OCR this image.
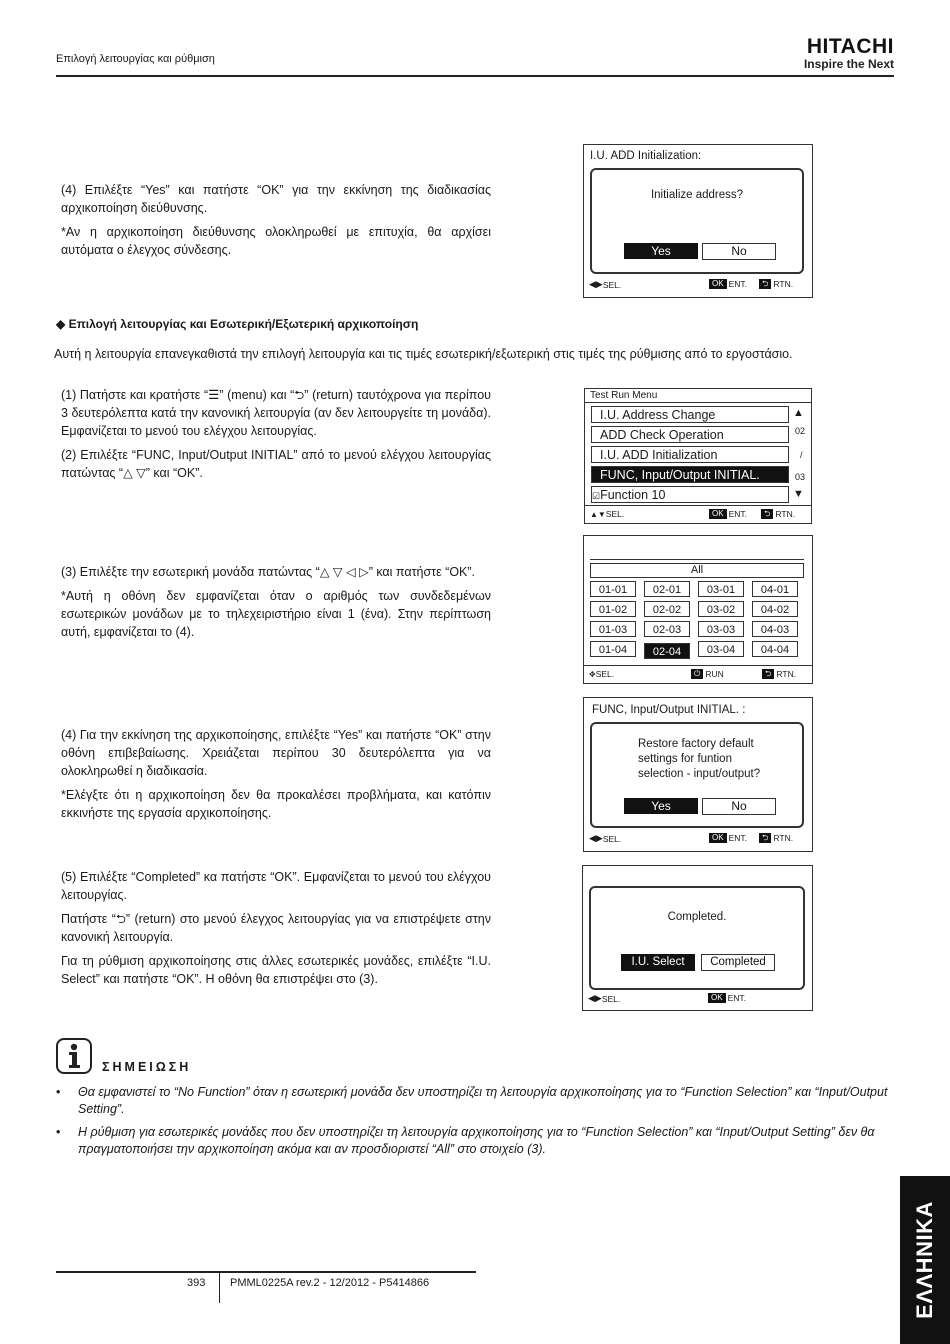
Επιλογή λειτουργίας και ρύθμιση
HITACHI
Inspire the Next

(4) Επιλέξτε “Yes” και πατήστε “OK” για την εκκίνηση της διαδικασίας αρχικοποίηση διεύθυνσης.

*Αν η αρχικοποίηση διεύθυνσης ολοκληρωθεί με επιτυχία, θα αρχίσει αυτόματα ο έλεγχος σύνδεσης.

I.U. ADD Initialization:
Initialize address?
Yes	No
◀▶ SEL.	OK ENT.	⮌ RTN.
◆ Επιλογή λειτουργίας και Εσωτερική/Εξωτερική αρχικοποίηση

Αυτή η λειτουργία επανεγκαθιστά την επιλογή λειτουργία και τις τιμές εσωτερική/εξωτερική στις τιμές της ρύθμισης από το εργοστάσιο.

(1) Πατήστε και κρατήστε “☰” (menu) και “⮌” (return) ταυτόχρονα για περίπου 3 δευτερόλεπτα κατά την κανονική λειτουργία (αν δεν λειτουργείτε τη μονάδα). Εμφανίζεται το μενού του ελέγχου λειτουργίας.

(2) Επιλέξτε “FUNC, Input/Output INITIAL” από το μενού ελέγχου λειτουργίας πατώντας “△ ▽” και “OK”.

Test Run Menu
I.U. Address Change
ADD Check Operation
I.U. ADD Initialization
FUNC, Input/Output INITIAL.
☑Function 10
▲
02
/
03
▼
▲▼ SEL.	OK ENT.	⮌ RTN.

(3) Επιλέξτε την εσωτερική μονάδα πατώντας “△ ▽ ◁ ▷” και πατήστε “OK”.

*Αυτή η οθόνη δεν εμφανίζεται όταν ο αριθμός των συνδεδεμένων εσωτερικών μονάδων με το τηλεχειριστήριο είναι 1 (ένα). Στην περίπτωση αυτή, εμφανίζεται το (4).

All
01-01	02-01	03-01	04-01
01-02	02-02	03-02	04-02
01-03	02-03	03-03	04-03
01-04	02-04	03-04	04-04
✥ SEL.	⏻ RUN	⮌ RTN.

(4) Για την εκκίνηση της αρχικοποίησης, επιλέξτε “Yes” και πατήστε “OK” στην οθόνη επιβεβαίωσης. Χρειάζεται περίπου 30 δευτερόλεπτα για να ολοκληρωθεί η διαδικασία.

*Ελέγξτε ότι η αρχικοποίηση δεν θα προκαλέσει προβλήματα, και κατόπιν εκκινήστε της εργασία αρχικοποίησης.

FUNC, Input/Output INITIAL. :
Restore factory default
settings for funtion
selection - input/output?
Yes	No
◀▶ SEL.	OK ENT.	⮌ RTN.

(5) Επιλέξτε “Completed” κα πατήστε “OK”. Εμφανίζεται το μενού του ελέγχου λειτουργίας.

Πατήστε “⮌” (return) στο μενού έλεγχος λειτουργίας για να επιστρέψετε στην κανονική λειτουργία.

Για τη ρύθμιση αρχικοποίησης στις άλλες εσωτερικές μονάδες, επιλέξτε “I.U. Select” και πατήστε “OK”. Η οθόνη θα επιστρέψει στο (3).

Completed.
I.U. Select	Completed
◀▶ SEL.	OK ENT.
ΣΗΜΕΙΩΣΗ
• Θα εμφανιστεί το “No Function” όταν η εσωτερική μονάδα δεν υποστηρίζει τη λειτουργία αρχικοποίησης για το “Function Selection” και “Input/Output Setting”.
• Η ρύθμιση για εσωτερικές μονάδες που δεν υποστηρίζει τη λειτουργία αρχικοποίησης για το “Function Selection” και “Input/Output Setting” δεν θα πραγματοποιήσει την αρχικοποίηση ακόμα και αν προσδιοριστεί “All” στο στοιχείο (3).
ΕΛΛΗΝΙΚΑ
393 PMML0225A rev.2 - 12/2012 - P5414866
